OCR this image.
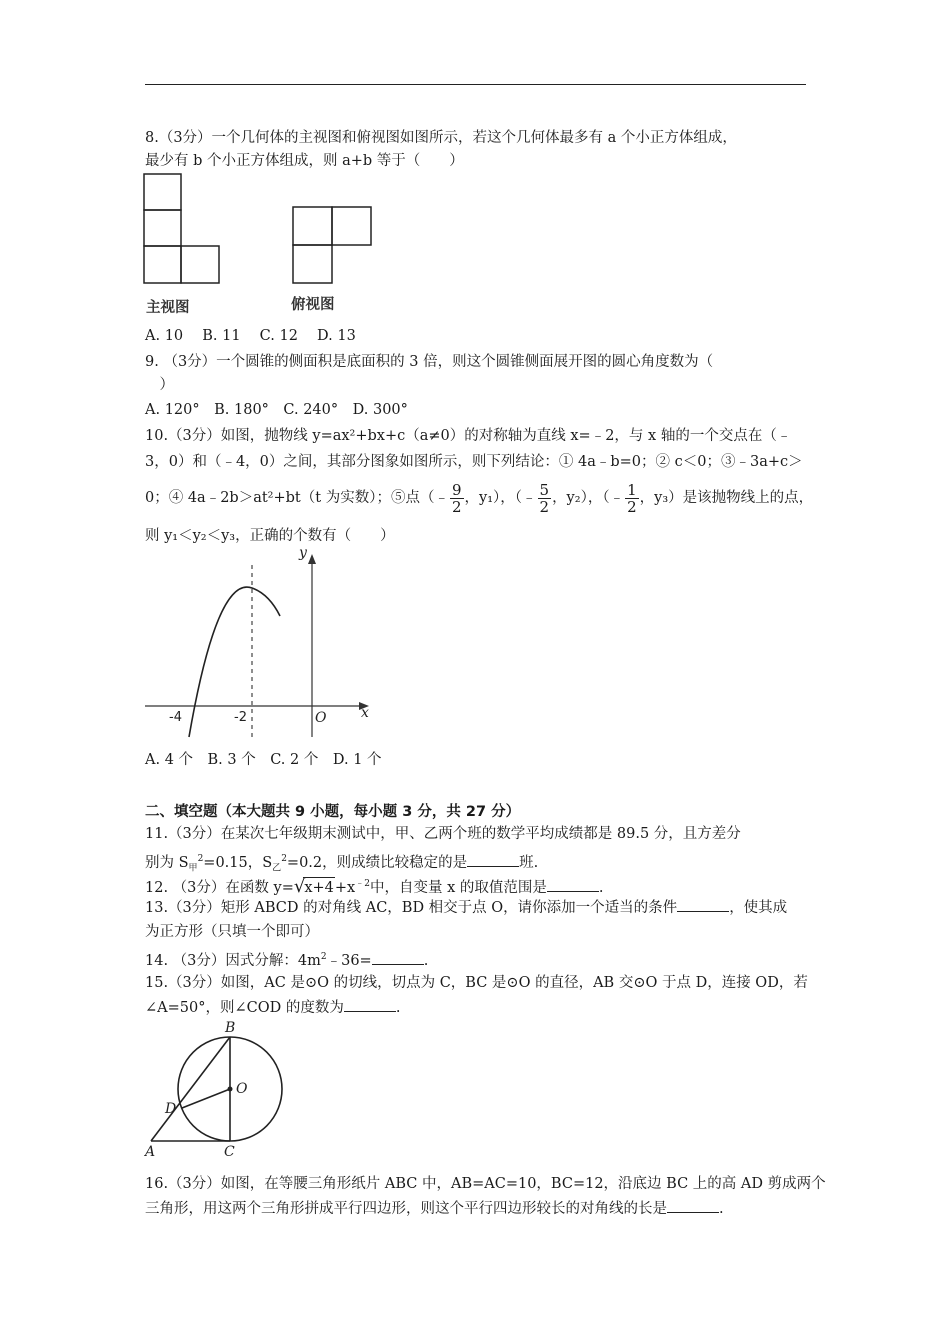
8.（3分）一个几何体的主视图和俯视图如图所示，若这个几何体最多有 a 个小正方体组成，
最少有 b 个小正方体组成，则 a+b 等于（　　）
主视图	俯视图
A. 10　 B. 11　 C. 12　 D. 13
9. （3分）一个圆锥的侧面积是底面积的 3 倍，则这个圆锥侧面展开图的圆心角度数为（
　）
A. 120°　B. 180°　C. 240°　D. 300°
10.（3分）如图，抛物线 y=ax²+bx+c（a≠0）的对称轴为直线 x=﹣2，与 x 轴的一个交点在（﹣
3，0）和（﹣4，0）之间，其部分图象如图所示，则下列结论：① 4a﹣b=0；② c＜0；③﹣3a+c＞
0；④ 4a﹣2b＞at²+bt（t 为实数）；⑤点（﹣ $\frac{9}{2}$ ，y₁），（﹣ $\frac{5}{2}$ ，y₂），（﹣ $\frac{1}{2}$ ，y₃）是该抛物线上的点，
则 y₁＜y₂＜y₃，正确的个数有（　　）
y
x
-4	-2	O
A. 4 个　B. 3 个　C. 2 个　D. 1 个
二、填空题（本大题共 9 小题，每小题 3 分，共 27 分）
11.（3分）在某次七年级期末测试中，甲、乙两个班的数学平均成绩都是 89.5 分，且方差分
别为 $S_甲^2=0.15$，$S_乙^2=0.2$，则成绩比较稳定的是	班.
12. （3分）在函数 $y=√x+4+x^{﹣2}$中，自变量 x 的取值范围是	.
13.（3分）矩形 ABCD 的对角线 AC，BD 相交于点 O，请你添加一个适当的条件	，使其成
为正方形（只填一个即可）
14. （3分）因式分解：$4m^2﹣36=$	.
15.（3分）如图，AC 是⊙O 的切线，切点为 C，BC 是⊙O 的直径，AB 交⊙O 于点 D，连接 OD，若
∠A=50°，则∠COD 的度数为	.
B
O
D
A	C
16.（3分）如图，在等腰三角形纸片 ABC 中，AB=AC=10，BC=12，沿底边 BC 上的高 AD 剪成两个
三角形，用这两个三角形拼成平行四边形，则这个平行四边形较长的对角线的长是	.
